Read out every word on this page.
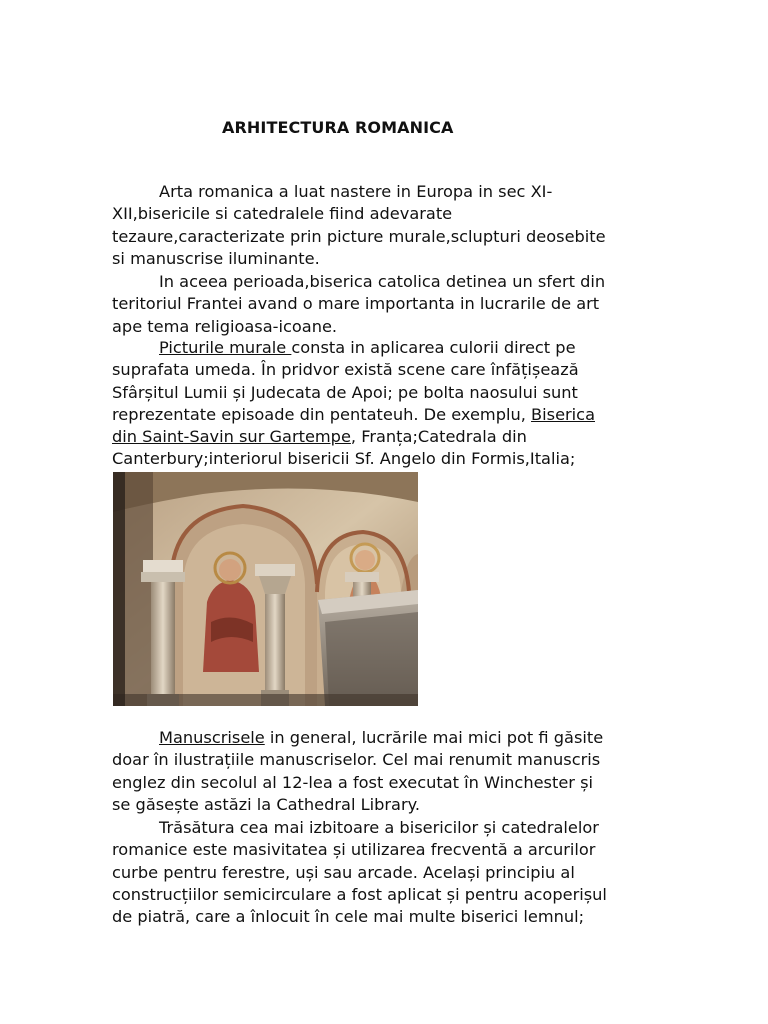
ARHITECTURA ROMANICA

Arta romanica a luat nastere in Europa in sec XI-
XII,bisericile si catedralele fiind adevarate
tezaure,caracterizate prin picture murale,sclupturi deosebite
si manuscrise iluminante.

In aceea perioada,biserica catolica detinea un sfert din
teritoriul Frantei avand o mare importanta in lucrarile de art
ape tema religioasa-icoane.

Picturile murale consta in aplicarea culorii direct pe
suprafata umeda. În pridvor există scene care înfățișează
Sfârșitul Lumii și Judecata de Apoi; pe bolta naosului sunt
reprezentate episoade din pentateuh. De exemplu, Biserica
din Saint-Savin sur Gartempe, Franța;Catedrala din
Canterbury;interiorul bisericii Sf. Angelo din Formis,Italia;

Manuscrisele in general, lucrările mai mici pot fi găsite
doar în ilustrațiile manuscriselor. Cel mai renumit manuscris
englez din secolul al 12-lea a fost executat în Winchester și
se găsește astăzi la Cathedral Library.

Trăsătura cea mai izbitoare a bisericilor și catedralelor
romanice este masivitatea și utilizarea frecventă a arcurilor
curbe pentru ferestre, uși sau arcade. Același principiu al
construcțiilor semicirculare a fost aplicat și pentru acoperișul
de piatră, care a înlocuit în cele mai multe biserici lemnul;
